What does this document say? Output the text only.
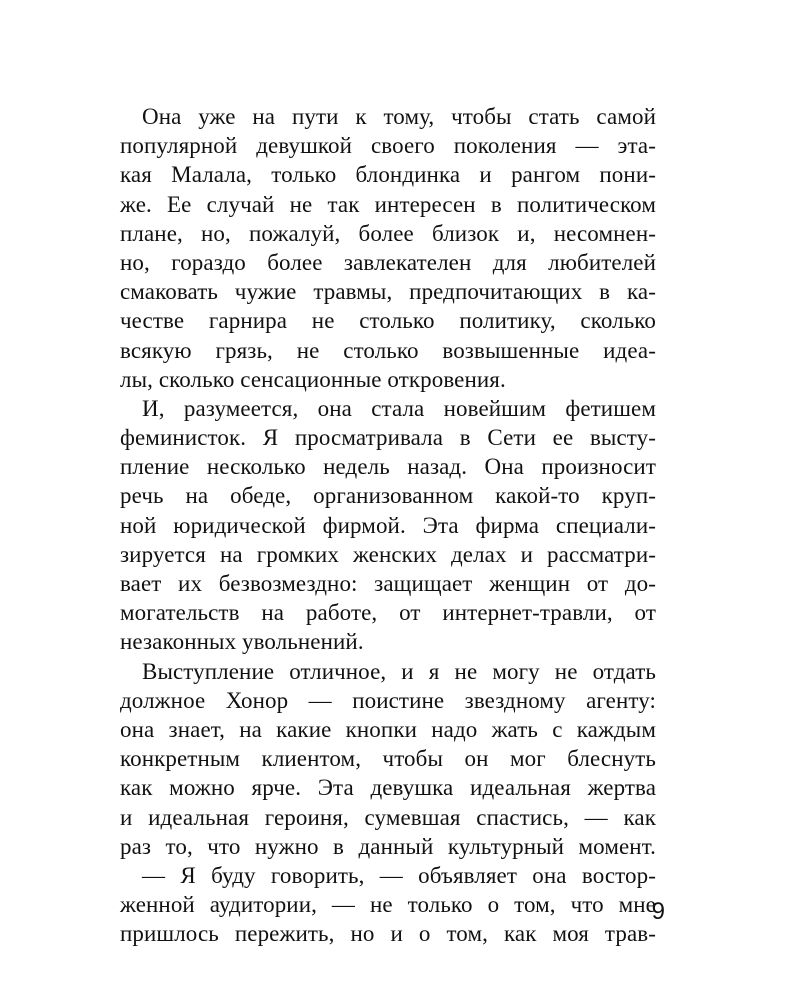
Она уже на пути к тому, чтобы стать самой
популярной девушкой своего поколения — эта-
кая Малала, только блондинка и рангом пони-
же. Ее случай не так интересен в политическом
плане, но, пожалуй, более близок и, несомнен-
но, гораздо более завлекателен для любителей
смаковать чужие травмы, предпочитающих в ка-
честве гарнира не столько политику, сколько
всякую грязь, не столько возвышенные идеа-
лы, сколько сенсационные откровения.
И, разумеется, она стала новейшим фетишем
феминисток. Я просматривала в Сети ее высту-
пление несколько недель назад. Она произносит
речь на обеде, организованном какой-то круп-
ной юридической фирмой. Эта фирма специали-
зируется на громких женских делах и рассматри-
вает их безвозмездно: защищает женщин от до-
могательств на работе, от интернет-травли, от
незаконных увольнений.
Выступление отличное, и я не могу не отдать
должное Хонор — поистине звездному агенту:
она знает, на какие кнопки надо жать с каждым
конкретным клиентом, чтобы он мог блеснуть
как можно ярче. Эта девушка идеальная жертва
и идеальная героиня, сумевшая спастись, — как
раз то, что нужно в данный культурный момент.
— Я буду говорить, — объявляет она востор-
женной аудитории, — не только о том, что мне
пришлось пережить, но и о том, как моя трав-
9
